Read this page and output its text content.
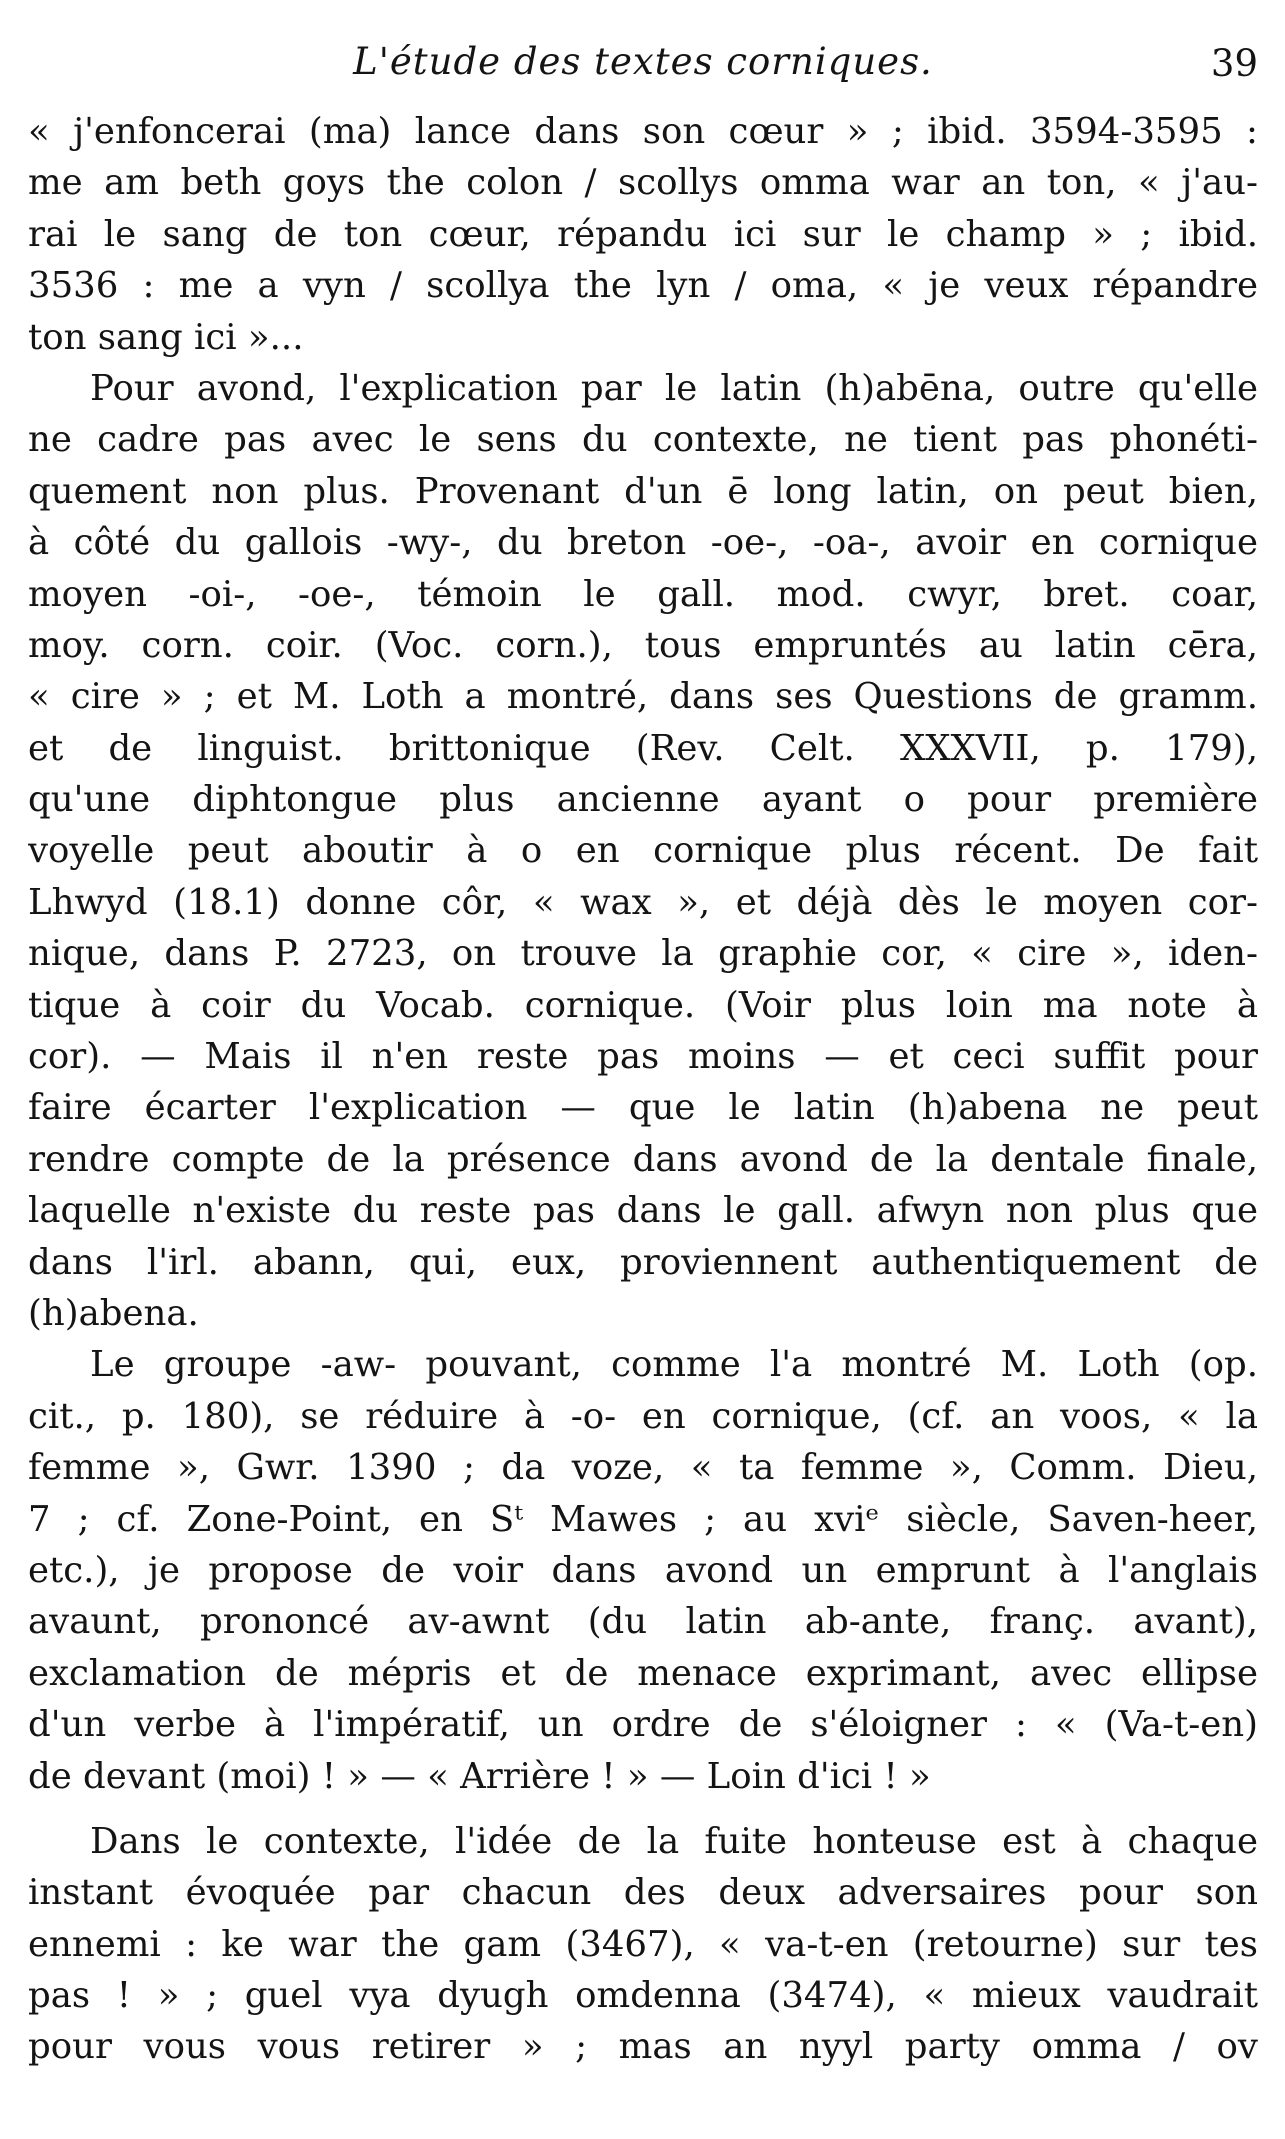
L'étude des textes corniques.	39
« j'enfoncerai (ma) lance dans son cœur » ; ibid. 3594-3595 :
me am beth goys the colon / scollys omma war an ton, « j'au-
rai le sang de ton cœur, répandu ici sur le champ » ; ibid.
3536 : me a vyn / scollya the lyn / oma, « je veux répandre
ton sang ici »...
Pour avond, l'explication par le latin (h)abēna, outre qu'elle
ne cadre pas avec le sens du contexte, ne tient pas phonéti-
quement non plus. Provenant d'un ē long latin, on peut bien,
à côté du gallois -wy-, du breton -oe-, -oa-, avoir en cornique
moyen -oi-, -oe-, témoin le gall. mod. cwyr, bret. coar,
moy. corn. coir. (Voc. corn.), tous empruntés au latin cēra,
« cire » ; et M. Loth a montré, dans ses Questions de gramm.
et de linguist. brittonique (Rev. Celt. XXXVII, p. 179),
qu'une diphtongue plus ancienne ayant o pour première
voyelle peut aboutir à o en cornique plus récent. De fait
Lhwyd (18.1) donne côr, « wax », et déjà dès le moyen cor-
nique, dans P. 2723, on trouve la graphie cor, « cire », iden-
tique à coir du Vocab. cornique. (Voir plus loin ma note à
cor). — Mais il n'en reste pas moins — et ceci suffit pour
faire écarter l'explication — que le latin (h)abena ne peut
rendre compte de la présence dans avond de la dentale finale,
laquelle n'existe du reste pas dans le gall. afwyn non plus que
dans l'irl. abann, qui, eux, proviennent authentiquement de
(h)abena.
Le groupe -aw- pouvant, comme l'a montré M. Loth (op.
cit., p. 180), se réduire à -o- en cornique, (cf. an voos, « la
femme », Gwr. 1390 ; da voze, « ta femme », Comm. Dieu,
7 ; cf. Zone-Point, en Sᵗ Mawes ; au xviᵉ siècle, Saven-heer,
etc.), je propose de voir dans avond un emprunt à l'anglais
avaunt, prononcé av-awnt (du latin ab-ante, franç. avant),
exclamation de mépris et de menace exprimant, avec ellipse
d'un verbe à l'impératif, un ordre de s'éloigner : « (Va-t-en)
de devant (moi) ! » — « Arrière ! » — Loin d'ici ! »
Dans le contexte, l'idée de la fuite honteuse est à chaque
instant évoquée par chacun des deux adversaires pour son
ennemi : ke war the gam (3467), « va-t-en (retourne) sur tes
pas ! » ; guel vya dyugh omdenna (3474), « mieux vaudrait
pour vous vous retirer » ; mas an nyyl party omma / ov
